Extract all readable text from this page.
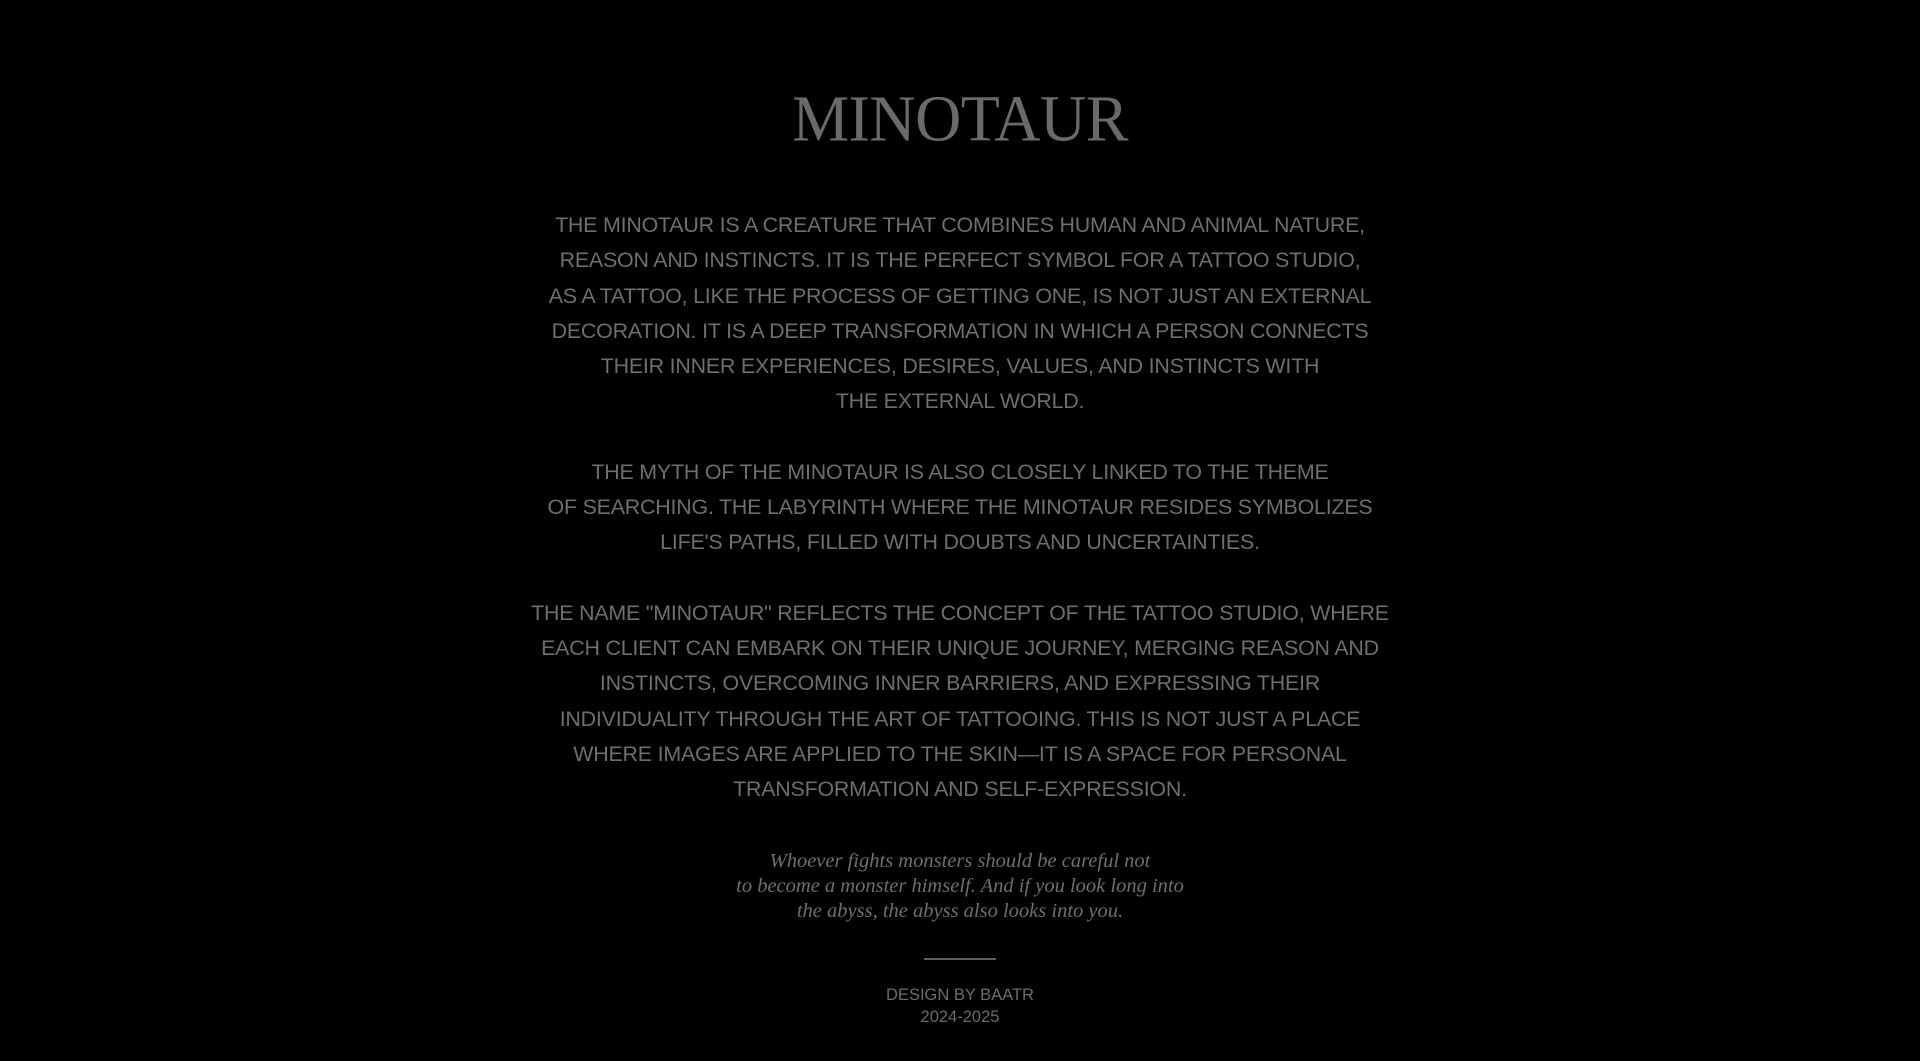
MINOTAUR

THE MINOTAUR IS A CREATURE THAT COMBINES HUMAN AND ANIMAL NATURE,
REASON AND INSTINCTS. IT IS THE PERFECT SYMBOL FOR A TATTOO STUDIO,
AS A TATTOO, LIKE THE PROCESS OF GETTING ONE, IS NOT JUST AN EXTERNAL
DECORATION. IT IS A DEEP TRANSFORMATION IN WHICH A PERSON CONNECTS
THEIR INNER EXPERIENCES, DESIRES, VALUES, AND INSTINCTS WITH
THE EXTERNAL WORLD.

THE MYTH OF THE MINOTAUR IS ALSO CLOSELY LINKED TO THE THEME
OF SEARCHING. THE LABYRINTH WHERE THE MINOTAUR RESIDES SYMBOLIZES
LIFE'S PATHS, FILLED WITH DOUBTS AND UNCERTAINTIES.

THE NAME "MINOTAUR" REFLECTS THE CONCEPT OF THE TATTOO STUDIO, WHERE
EACH CLIENT CAN EMBARK ON THEIR UNIQUE JOURNEY, MERGING REASON AND
INSTINCTS, OVERCOMING INNER BARRIERS, AND EXPRESSING THEIR
INDIVIDUALITY THROUGH THE ART OF TATTOOING. THIS IS NOT JUST A PLACE
WHERE IMAGES ARE APPLIED TO THE SKIN—IT IS A SPACE FOR PERSONAL
TRANSFORMATION AND SELF-EXPRESSION.

Whoever fights monsters should be careful not
to become a monster himself. And if you look long into
the abyss, the abyss also looks into you.
DESIGN BY BAATR
2024-2025
